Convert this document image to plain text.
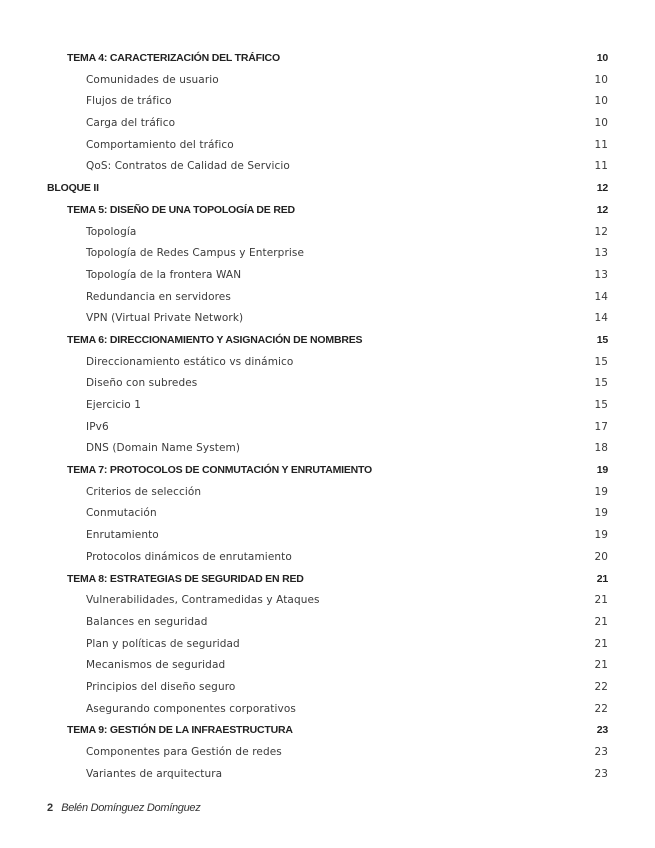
TEMA 4: CARACTERIZACIÓN DEL TRÁFICO	10
Comunidades de usuario	10
Flujos de tráfico	10
Carga del tráfico	10
Comportamiento del tráfico	11
QoS: Contratos de Calidad de Servicio	11
BLOQUE II	12
TEMA 5: DISEÑO DE UNA TOPOLOGÍA DE RED	12
Topología	12
Topología de Redes Campus y Enterprise	13
Topología de la frontera WAN	13
Redundancia en servidores	14
VPN (Virtual Private Network)	14
TEMA 6: DIRECCIONAMIENTO Y ASIGNACIÓN DE NOMBRES	15
Direccionamiento estático vs dinámico	15
Diseño con subredes	15
Ejercicio 1	15
IPv6	17
DNS (Domain Name System)	18
TEMA 7: PROTOCOLOS DE CONMUTACIÓN Y ENRUTAMIENTO	19
Criterios de selección	19
Conmutación	19
Enrutamiento	19
Protocolos dinámicos de enrutamiento	20
TEMA 8: ESTRATEGIAS DE SEGURIDAD EN RED	21
Vulnerabilidades, Contramedidas y Ataques	21
Balances en seguridad	21
Plan y políticas de seguridad	21
Mecanismos de seguridad	21
Principios del diseño seguro	22
Asegurando componentes corporativos	22
TEMA 9: GESTIÓN DE LA INFRAESTRUCTURA	23
Componentes para Gestión de redes	23
Variantes de arquitectura	23
2 Belén Domínguez Domínguez
